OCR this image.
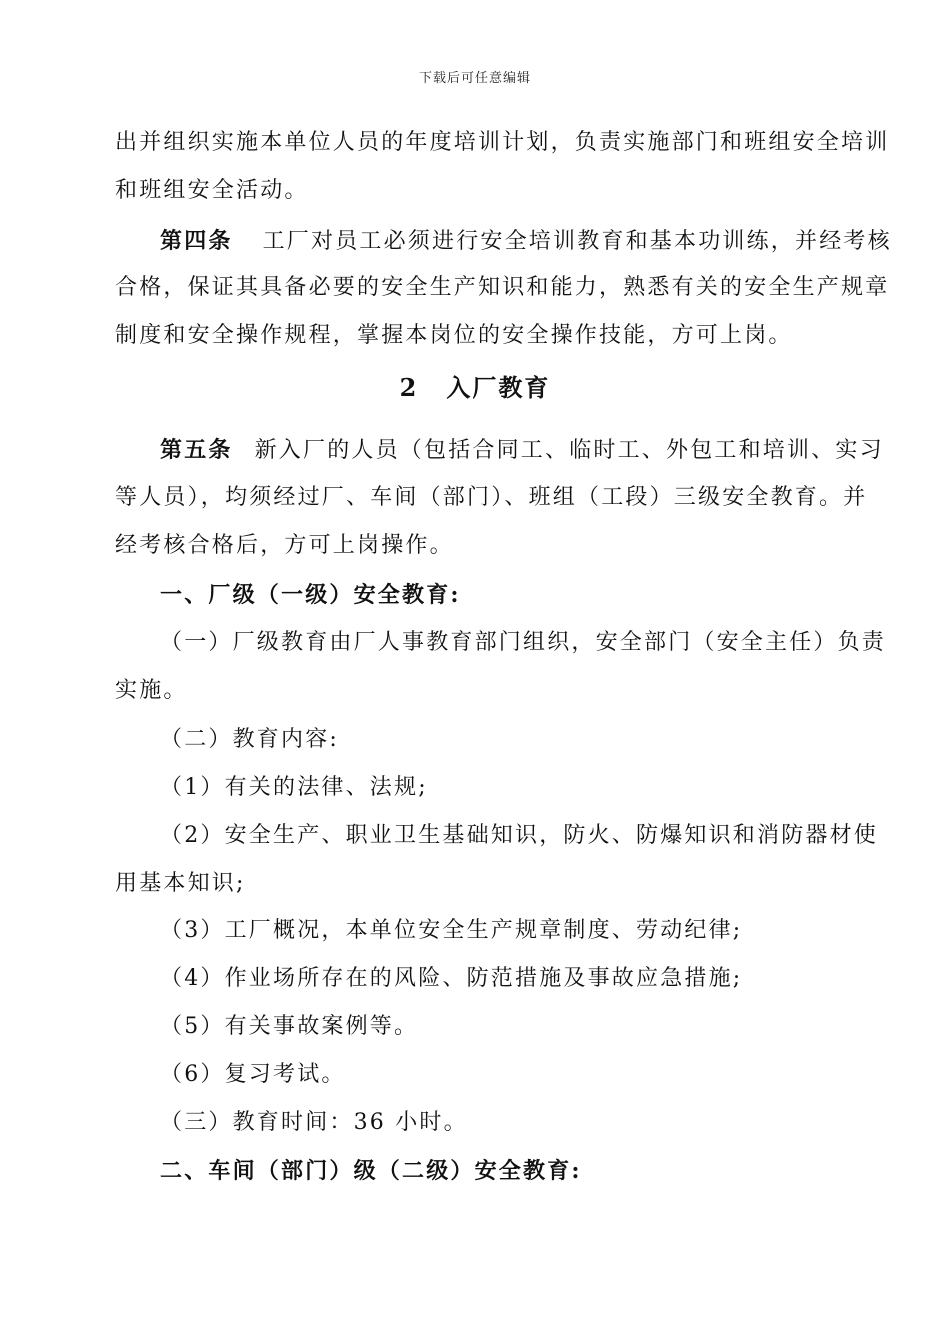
下载后可任意编辑
出并组织实施本单位人员的年度培训计划，负责实施部门和班组安全培训
和班组安全活动。
第四条 工厂对员工必须进行安全培训教育和基本功训练，并经考核
合格，保证其具备必要的安全生产知识和能力，熟悉有关的安全生产规章
制度和安全操作规程，掌握本岗位的安全操作技能，方可上岗。
2 入厂教育
第五条 新入厂的人员（包括合同工、临时工、外包工和培训、实习
等人员），均须经过厂、车间（部门）、班组（工段）三级安全教育。并
经考核合格后，方可上岗操作。
一、厂级（一级）安全教育:
（一）厂级教育由厂人事教育部门组织，安全部门（安全主任）负责
实施。
（二）教育内容:
（1）有关的法律、法规;
（2）安全生产、职业卫生基础知识，防火、防爆知识和消防器材使
用基本知识;
（3）工厂概况，本单位安全生产规章制度、劳动纪律;
（4）作业场所存在的风险、防范措施及事故应急措施;
（5）有关事故案例等。
（6）复习考试。
（三）教育时间：36 小时。
二、车间（部门）级（二级）安全教育:
